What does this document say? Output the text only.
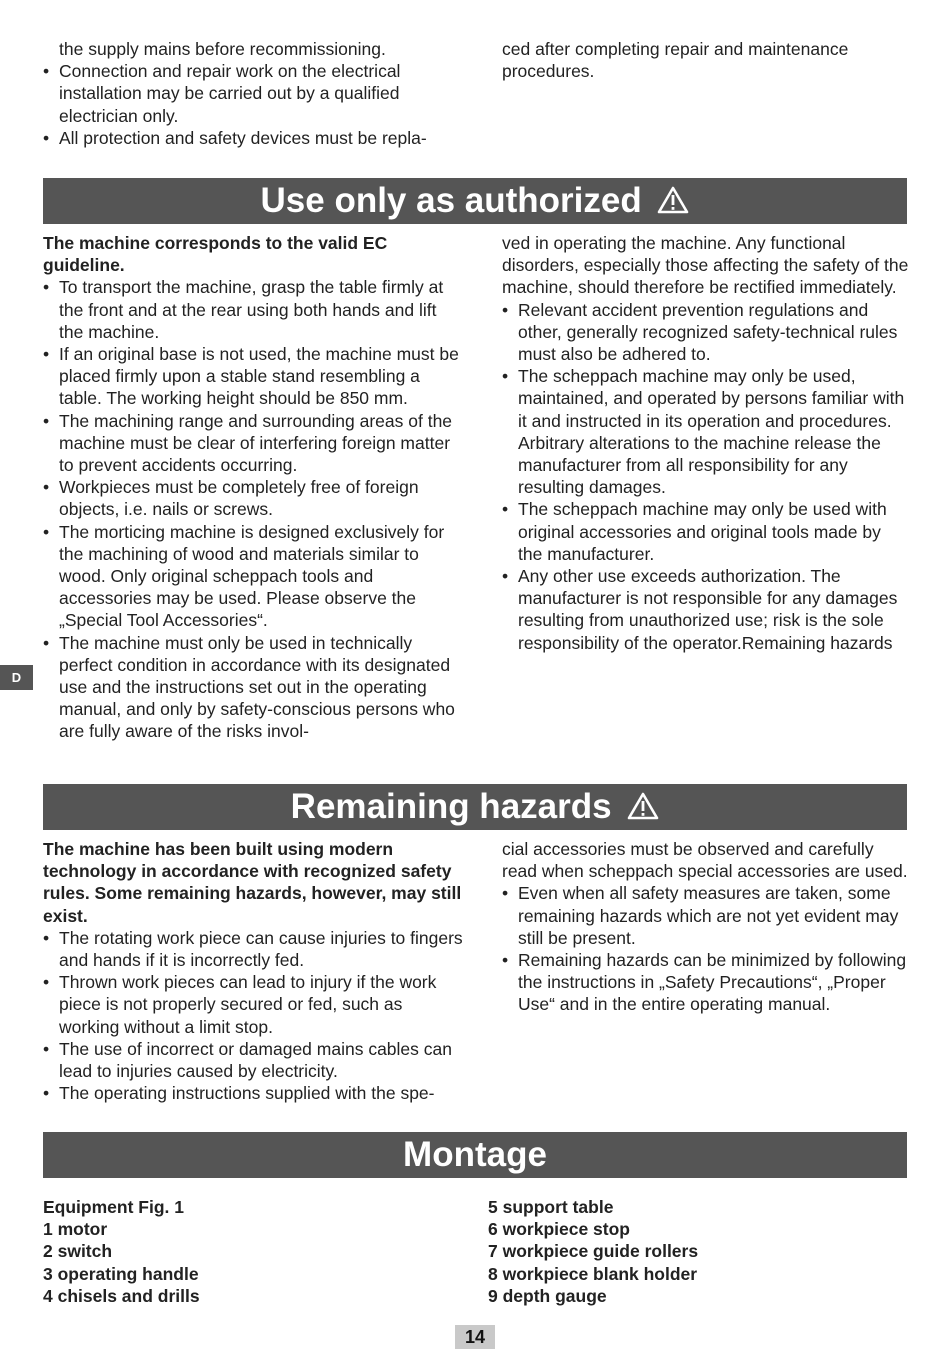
the supply mains before recommissioning.

• Connection and repair work on the electrical installation may be carried out by a qualified electrician only.
• All protection and safety devices must be repla-

ced after completing repair and maintenance procedures.

Use only as authorized

The machine corresponds to the valid EC guideline.

• To transport the machine, grasp the table firmly at the front and at the rear using both hands and lift the machine.
• If an original base is not used, the machine must be placed firmly upon a stable stand resembling a table. The working height should be 850 mm.
• The machining range and surrounding areas of the machine must be clear of interfering foreign matter to prevent accidents occurring.
• Workpieces must be completely free of foreign objects, i.e. nails or screws.
• The morticing machine is designed exclusively for the machining of wood and materials similar to wood. Only original scheppach tools and accessories may be used. Please observe the „Special Tool Accessories“.
• The machine must only be used in technically perfect condition in accordance with its designated use and the instructions set out in the operating manual, and only by safety-conscious persons who are fully aware of the risks invol-

ved in operating the machine. Any functional disorders, especially those affecting the safety of the machine, should therefore be rectified immediately.

• Relevant accident prevention regulations and other, generally recognized safety-technical rules must also be adhered to.
• The scheppach machine may only be used, maintained, and operated by persons familiar with it and instructed in its operation and procedures. Arbitrary alterations to the machine release the manufacturer from all responsibility for any resulting damages.
• The scheppach machine may only be used with original accessories and original tools made by the manufacturer.
• Any other use exceeds authorization. The manufacturer is not responsible for any damages resulting from unauthorized use; risk is the sole responsibility of the operator.Remaining hazards
D
Remaining hazards

The machine has been built using modern technology in accordance with recognized safety rules. Some remaining hazards, however, may still exist.

• The rotating work piece can cause injuries to fingers and hands if it is incorrectly fed.
• Thrown work pieces can lead to injury if the work piece is not properly secured or fed, such as working without a limit stop.
• The use of incorrect or damaged mains cables can lead to injuries caused by electricity.
• The operating instructions supplied with the spe-

cial accessories must be observed and carefully read when scheppach special accessories are used.

• Even when all safety measures are taken, some remaining hazards which are not yet evident may still be present.
• Remaining hazards can be minimized by following the instructions in „Safety Precautions“, „Proper Use“ and in the entire operating manual.
Montage
Equipment Fig. 1
1 motor
2 switch
3 operating handle
4 chisels and drills
5 support table
6 workpiece stop
7 workpiece guide rollers
8 workpiece blank holder
9 depth gauge
14
